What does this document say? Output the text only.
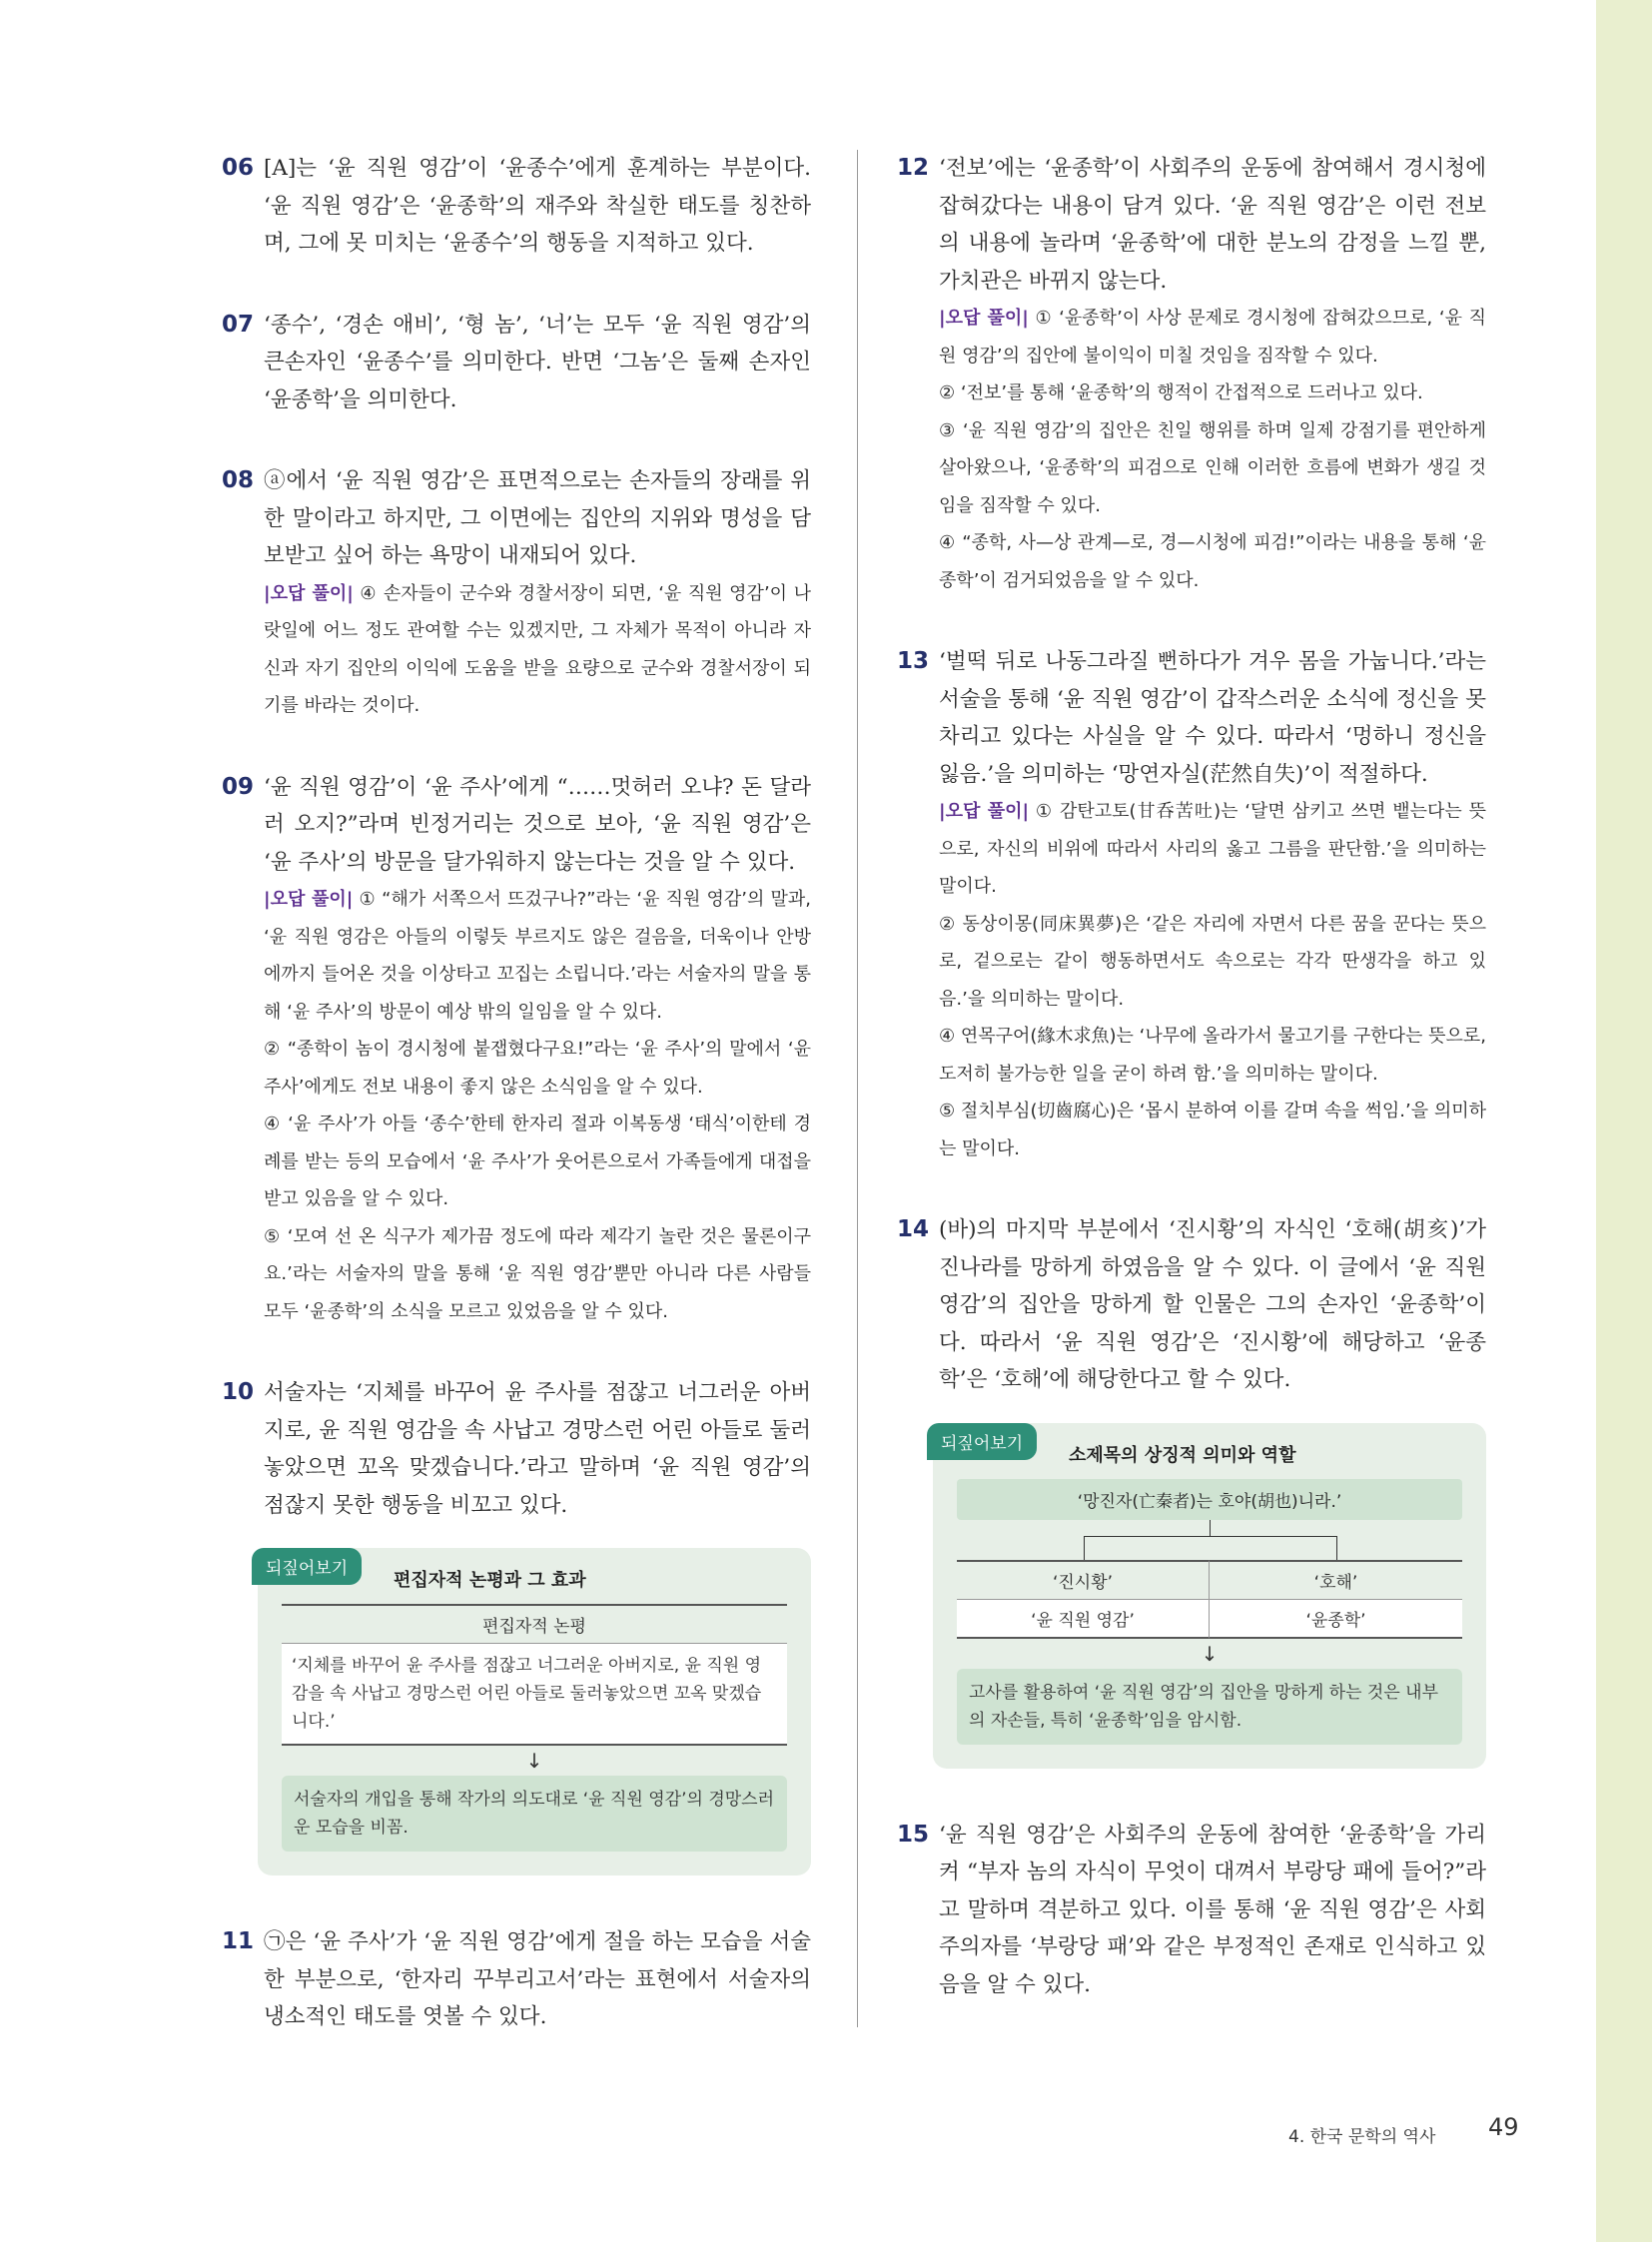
06 [A]는 ‘윤 직원 영감’이 ‘윤종수’에게 훈계하는 부분이다. ‘윤 직원 영감’은 ‘윤종학’의 재주와 착실한 태도를 칭찬하며, 그에 못 미치는 ‘윤종수’의 행동을 지적하고 있다.
07 ‘종수’, ‘경손 애비’, ‘형 놈’, ‘너’는 모두 ‘윤 직원 영감’의 큰손자인 ‘윤종수’를 의미한다. 반면 ‘그놈’은 둘째 손자인 ‘윤종학’을 의미한다.
08 ⓐ에서 ‘윤 직원 영감’은 표면적으로는 손자들의 장래를 위한 말이라고 하지만, 그 이면에는 집안의 지위와 명성을 담보받고 싶어 하는 욕망이 내재되어 있다.
|오답 풀이| ④ 손자들이 군수와 경찰서장이 되면, ‘윤 직원 영감’이 나랏일에 어느 정도 관여할 수는 있겠지만, 그 자체가 목적이 아니라 자신과 자기 집안의 이익에 도움을 받을 요량으로 군수와 경찰서장이 되기를 바라는 것이다.
09 ‘윤 직원 영감’이 ‘윤 주사’에게 “……멋허러 오냐? 돈 달라러 오지?”라며 빈정거리는 것으로 보아, ‘윤 직원 영감’은 ‘윤 주사’의 방문을 달가워하지 않는다는 것을 알 수 있다.
|오답 풀이| ① “해가 서쪽으서 뜨겄구나?”라는 ‘윤 직원 영감’의 말과, ‘윤 직원 영감은 아들의 이렇듯 부르지도 않은 걸음을, 더욱이나 안방에까지 들어온 것을 이상타고 꼬집는 소립니다.’라는 서술자의 말을 통해 ‘윤 주사’의 방문이 예상 밖의 일임을 알 수 있다.
② “종학이 놈이 경시청에 붙잽혔다구요!”라는 ‘윤 주사’의 말에서 ‘윤 주사’에게도 전보 내용이 좋지 않은 소식임을 알 수 있다.
④ ‘윤 주사’가 아들 ‘종수’한테 한자리 절과 이복동생 ‘태식’이한테 경례를 받는 등의 모습에서 ‘윤 주사’가 웃어른으로서 가족들에게 대접을 받고 있음을 알 수 있다.
⑤ ‘모여 선 온 식구가 제가끔 정도에 따라 제각기 놀란 것은 물론이구요.’라는 서술자의 말을 통해 ‘윤 직원 영감’뿐만 아니라 다른 사람들 모두 ‘윤종학’의 소식을 모르고 있었음을 알 수 있다.
10 서술자는 ‘지체를 바꾸어 윤 주사를 점잖고 너그러운 아버지로, 윤 직원 영감을 속 사납고 경망스런 어린 아들로 둘러놓았으면 꼬옥 맞겠습니다.’라고 말하며 ‘윤 직원 영감’의 점잖지 못한 행동을 비꼬고 있다.
되짚어보기
편집자적 논평과 그 효과
편집자적 논평
‘지체를 바꾸어 윤 주사를 점잖고 너그러운 아버지로, 윤 직원 영감을 속 사납고 경망스런 어린 아들로 둘러놓았으면 꼬옥 맞겠습니다.’
↓
서술자의 개입을 통해 작가의 의도대로 ‘윤 직원 영감’의 경망스러운 모습을 비꼼.
11 ㉠은 ‘윤 주사’가 ‘윤 직원 영감’에게 절을 하는 모습을 서술한 부분으로, ‘한자리 꾸부리고서’라는 표현에서 서술자의 냉소적인 태도를 엿볼 수 있다.
12 ‘전보’에는 ‘윤종학’이 사회주의 운동에 참여해서 경시청에 잡혀갔다는 내용이 담겨 있다. ‘윤 직원 영감’은 이런 전보의 내용에 놀라며 ‘윤종학’에 대한 분노의 감정을 느낄 뿐, 가치관은 바뀌지 않는다.
|오답 풀이| ① ‘윤종학’이 사상 문제로 경시청에 잡혀갔으므로, ‘윤 직원 영감’의 집안에 불이익이 미칠 것임을 짐작할 수 있다.
② ‘전보’를 통해 ‘윤종학’의 행적이 간접적으로 드러나고 있다.
③ ‘윤 직원 영감’의 집안은 친일 행위를 하며 일제 강점기를 편안하게 살아왔으나, ‘윤종학’의 피검으로 인해 이러한 흐름에 변화가 생길 것임을 짐작할 수 있다.
④ “종학, 사—상 관계—로, 경—시청에 피검!”이라는 내용을 통해 ‘윤종학’이 검거되었음을 알 수 있다.
13 ‘벌떡 뒤로 나동그라질 뻔하다가 겨우 몸을 가눕니다.’라는 서술을 통해 ‘윤 직원 영감’이 갑작스러운 소식에 정신을 못 차리고 있다는 사실을 알 수 있다. 따라서 ‘멍하니 정신을 잃음.’을 의미하는 ‘망연자실(茫然自失)’이 적절하다.
|오답 풀이| ① 감탄고토(甘呑苦吐)는 ‘달면 삼키고 쓰면 뱉는다는 뜻으로, 자신의 비위에 따라서 사리의 옳고 그름을 판단함.’을 의미하는 말이다.
② 동상이몽(同床異夢)은 ‘같은 자리에 자면서 다른 꿈을 꾼다는 뜻으로, 겉으로는 같이 행동하면서도 속으로는 각각 딴생각을 하고 있음.’을 의미하는 말이다.
④ 연목구어(緣木求魚)는 ‘나무에 올라가서 물고기를 구한다는 뜻으로, 도저히 불가능한 일을 굳이 하려 함.’을 의미하는 말이다.
⑤ 절치부심(切齒腐心)은 ‘몹시 분하여 이를 갈며 속을 썩임.’을 의미하는 말이다.
14 (바)의 마지막 부분에서 ‘진시황’의 자식인 ‘호해(胡亥)’가 진나라를 망하게 하였음을 알 수 있다. 이 글에서 ‘윤 직원 영감’의 집안을 망하게 할 인물은 그의 손자인 ‘윤종학’이다. 따라서 ‘윤 직원 영감’은 ‘진시황’에 해당하고 ‘윤종학’은 ‘호해’에 해당한다고 할 수 있다.
되짚어보기
소제목의 상징적 의미와 역할
‘망진자(亡秦者)는 호야(胡也)니라.’
‘진시황’	‘호해’
‘윤 직원 영감’	‘윤종학’
↓
고사를 활용하여 ‘윤 직원 영감’의 집안을 망하게 하는 것은 내부의 자손들, 특히 ‘윤종학’임을 암시함.
15 ‘윤 직원 영감’은 사회주의 운동에 참여한 ‘윤종학’을 가리켜 “부자 놈의 자식이 무엇이 대껴서 부랑당 패에 들어?”라고 말하며 격분하고 있다. 이를 통해 ‘윤 직원 영감’은 사회주의자를 ‘부랑당 패’와 같은 부정적인 존재로 인식하고 있음을 알 수 있다.
4. 한국 문학의 역사 49
